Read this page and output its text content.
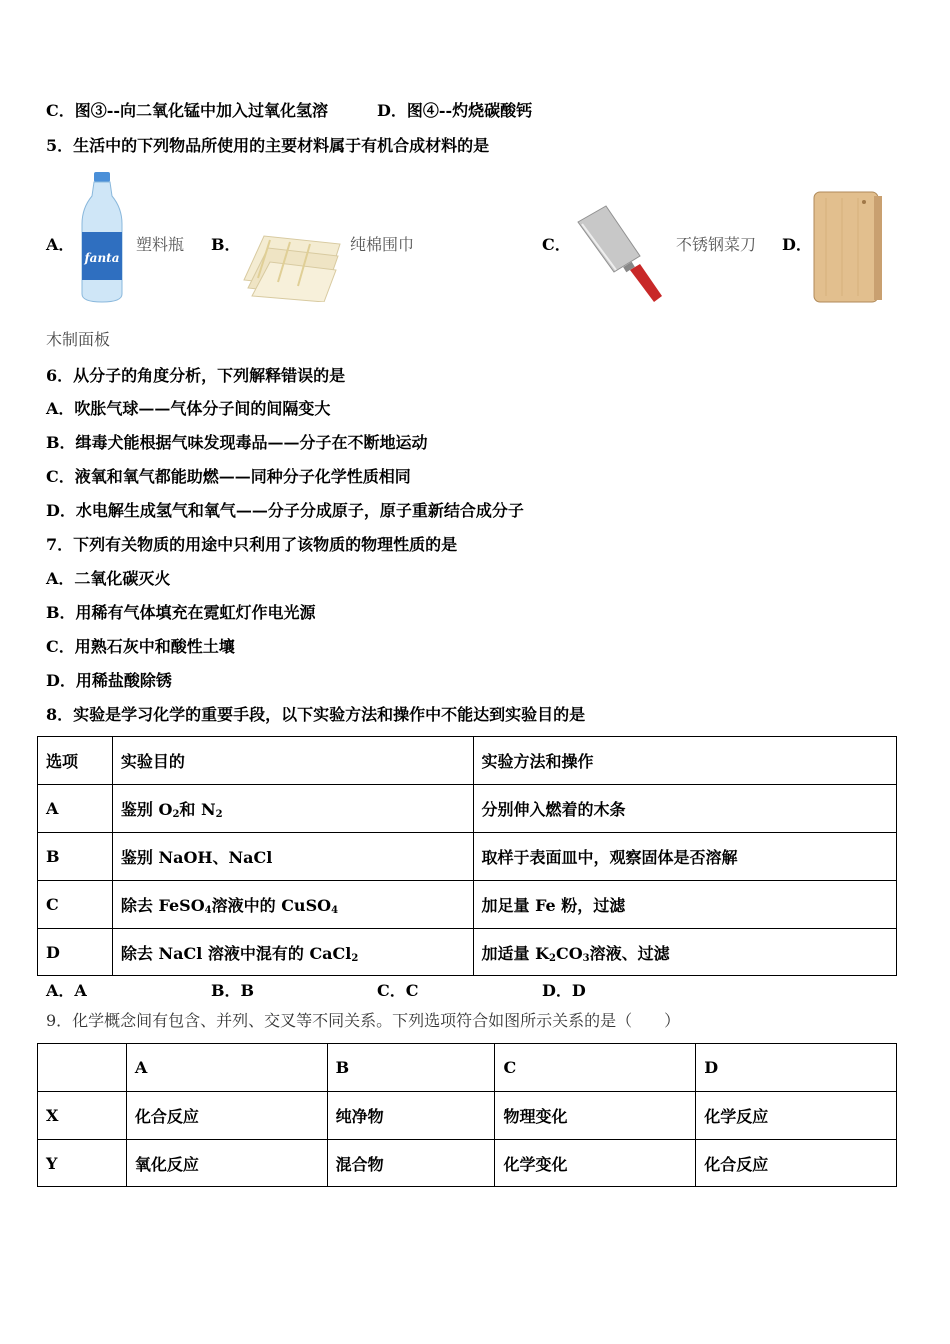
C．图③--向二氧化锰中加入过氧化氢溶	D．图④--灼烧碳酸钙
5．生活中的下列物品所使用的主要材料属于有机合成材料的是
A．
fanta
塑料瓶 B．	纯棉围巾	C．	不锈钢菜刀 D．
木制面板
6．从分子的角度分析，下列解释错误的是
A．吹胀气球——气体分子间的间隔变大
B．缉毒犬能根据气味发现毒品——分子在不断地运动
C．液氧和氧气都能助燃——同种分子化学性质相同
D．水电解生成氢气和氧气——分子分成原子，原子重新结合成分子
7．下列有关物质的用途中只利用了该物质的物理性质的是
A．二氧化碳灭火
B．用稀有气体填充在霓虹灯作电光源
C．用熟石灰中和酸性土壤
D．用稀盐酸除锈
8．实验是学习化学的重要手段，以下实验方法和操作中不能达到实验目的是
选项	实验目的	实验方法和操作
A	鉴别 $O_2$和 $N_2$	分别伸入燃着的木条
B	鉴别 NaOH、NaCl	取样于表面皿中，观察固体是否溶解
C	除去 FeSO$_4$溶液中的 CuSO$_4$	加足量 Fe 粉，过滤
D	除去 NaCl 溶液中混有的 CaCl$_2$	加适量 $K_2CO_3$溶液、过滤
A．A	B．B	C．C	D．D
9．化学概念间有包含、并列、交叉等不同关系。下列选项符合如图所示关系的是（　　）
	A	B	C	D
X	化合反应	纯净物	物理变化	化学反应
Y	氧化反应	混合物	化学变化	化合反应
